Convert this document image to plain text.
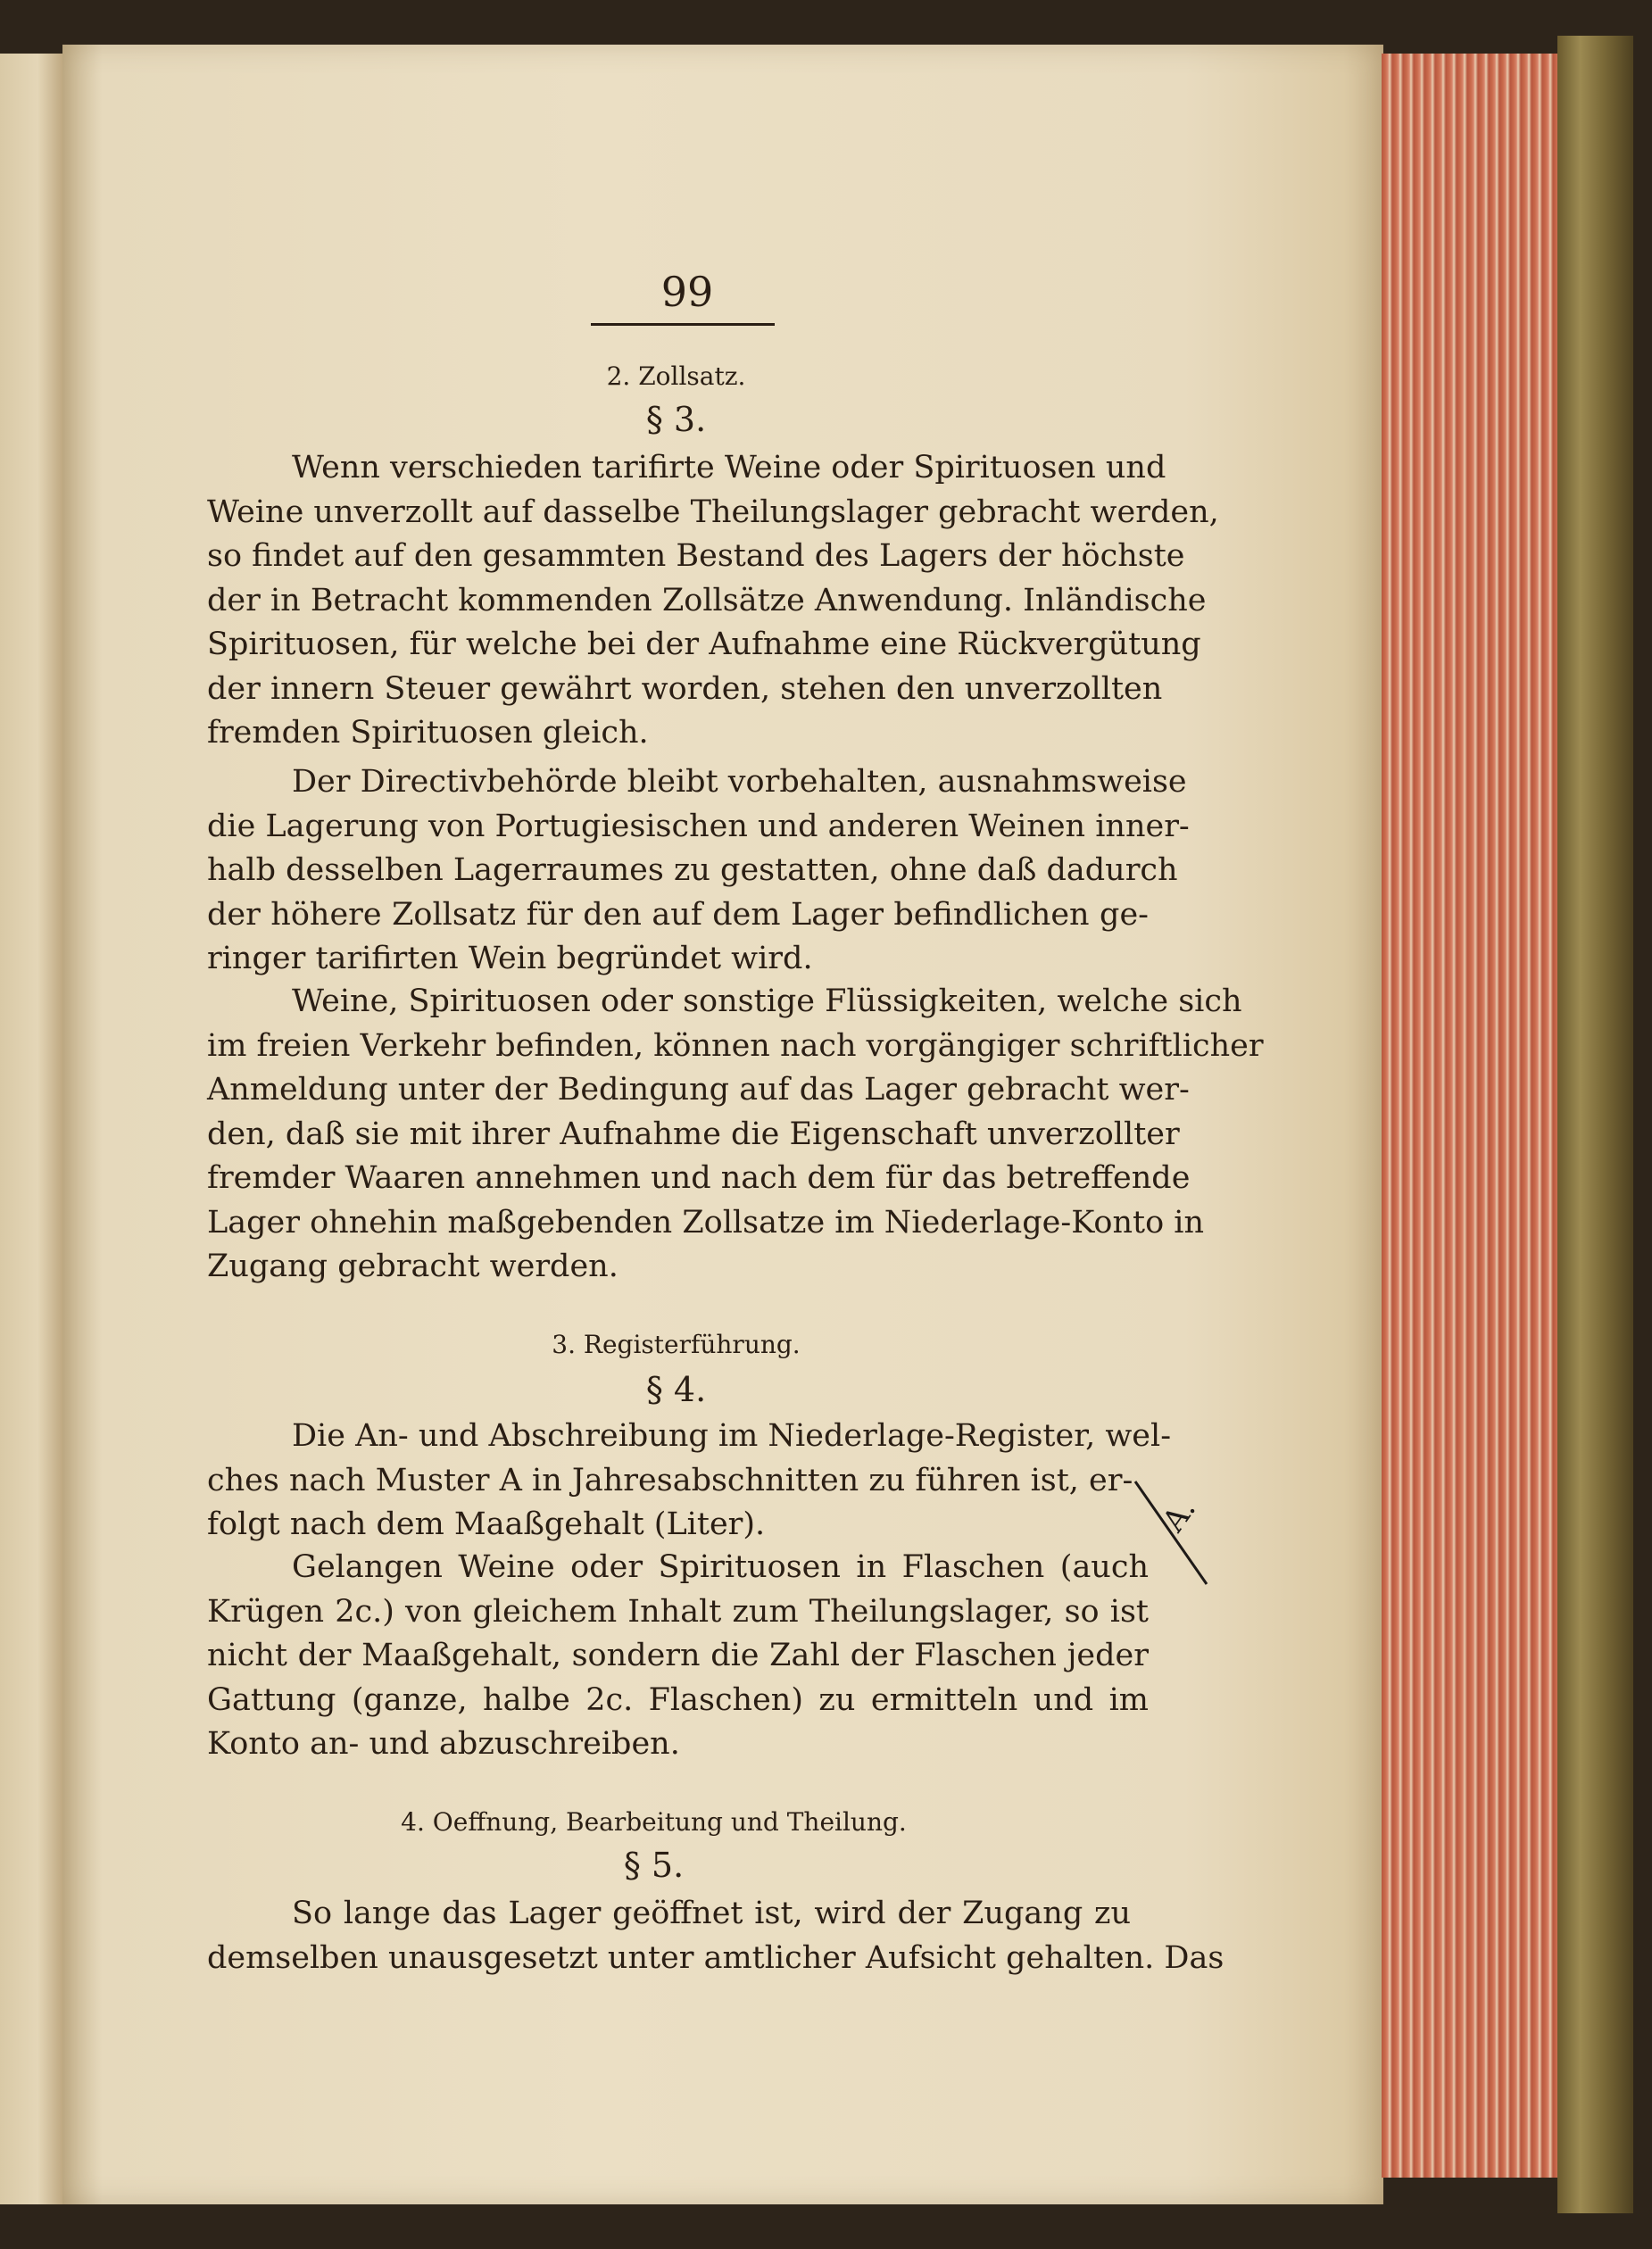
99
2. Zollsatz.
§ 3.
Wenn verschieden tarifirte Weine oder Spirituosen und
Weine unverzollt auf dasselbe Theilungslager gebracht werden,
so findet auf den gesammten Bestand des Lagers der höchste
der in Betracht kommenden Zollsätze Anwendung. Inländische
Spirituosen, für welche bei der Aufnahme eine Rückvergütung
der innern Steuer gewährt worden, stehen den unverzollten
fremden Spirituosen gleich.
Der Directivbehörde bleibt vorbehalten, ausnahmsweise
die Lagerung von Portugiesischen und anderen Weinen inner-
halb desselben Lagerraumes zu gestatten, ohne daß dadurch
der höhere Zollsatz für den auf dem Lager befindlichen ge-
ringer tarifirten Wein begründet wird.
Weine, Spirituosen oder sonstige Flüssigkeiten, welche sich
im freien Verkehr befinden, können nach vorgängiger schriftlicher
Anmeldung unter der Bedingung auf das Lager gebracht wer-
den, daß sie mit ihrer Aufnahme die Eigenschaft unverzollter
fremder Waaren annehmen und nach dem für das betreffende
Lager ohnehin maßgebenden Zollsatze im Niederlage-Konto in
Zugang gebracht werden.
3. Registerführung.
§ 4.
Die An- und Abschreibung im Niederlage-Register, wel-
ches nach Muster A in Jahresabschnitten zu führen ist, er-
folgt nach dem Maaßgehalt (Liter).	A.
Gelangen Weine oder Spirituosen in Flaschen (auch
Krügen 2c.) von gleichem Inhalt zum Theilungslager, so ist
nicht der Maaßgehalt, sondern die Zahl der Flaschen jeder
Gattung (ganze, halbe 2c. Flaschen) zu ermitteln und im
Konto an- und abzuschreiben.
4. Oeffnung, Bearbeitung und Theilung.
§ 5.
So lange das Lager geöffnet ist, wird der Zugang zu
demselben unausgesetzt unter amtlicher Aufsicht gehalten. Das
